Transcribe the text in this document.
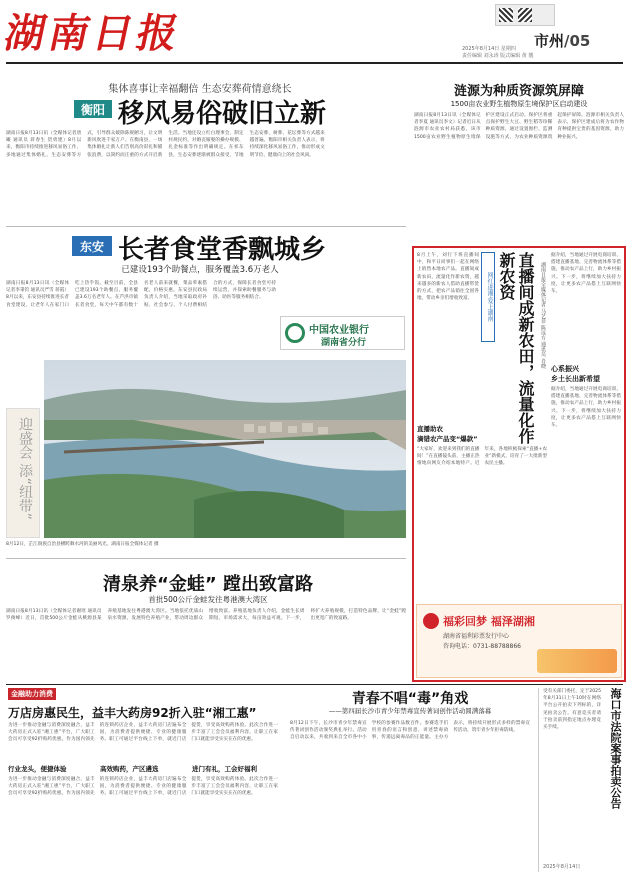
湖南日报	2025年8月14日 星期四
责任编辑 刘永涛 版式编辑 黄 靓
市州/05
集体喜事让幸福翻倍 生态安葬荷情意绕长
衡阳 移风易俗破旧立新
湖南日报8月13日讯（全媒体记者唐曦 通讯员 蒋春生 贺勇建）8月以来，衡阳市持续推进移风易俗工作，多地通过集体婚礼、生态安葬等方式，引导群众破除陈规陋习，让文明新风吹进千家万户。在衡南县，一场集体婚礼让新人们告别高价彩礼和铺张浪费，以简约而庄重的方式开启新生活。当地还设立红白理事会，制定村规民约，对婚丧嫁娶的操办规模、礼金标准等作出明确规定。在祁东县，生态安葬逐渐被群众接受，节地生态安葬、树葬、花坛葬等方式越来越普遍。衡阳市相关负责人表示，将持续深化移风易俗工作，推动形成文明节俭、健康向上的社会风尚。
东安 长者食堂香飘城乡
已建设193个助餐点，服务覆盖3.6万老人
湖南日报8月13日讯（全媒体记者李秉钧 通讯员严雪 蒋霞）8月以来，东安县持续推进长者食堂建设，让老年人在家门口吃上热乎饭。截至目前，全县已建设193个助餐点，服务覆盖3.6万名老年人。在芦洪市镇长者食堂，每天中午都有数十名老人前来就餐，菜品荤素搭配，价格实惠。东安县民政局负责人介绍，当地采取政府补贴、社会参与、个人付费相结合的方式，保障长者食堂可持续运营，并探索助餐服务与助浴、助医等服务相结合。
中国农业银行
湖南省分行
迎盛会 添“纽带”
8月12日，芷江侗族自治县横跨舞水河的美丽风光。湖南日报全媒体记者 摄
清泉养“金蛙” 蹚出致富路
首批500公斤金蛙发往粤港澳大湾区
湖南日报8月13日讯（全媒体记者谢瑶 通讯员罗俊峰）近日，首批500公斤金蛙从桃源县某养殖基地发往粤港澳大湾区。当地依托优质山泉水资源，发展特色养殖产业，带动周边群众增收致富。养殖基地负责人介绍，金蛙生长周期短、市场需求大，每亩效益可观。下一步，将扩大养殖规模，打造特色品牌，让“金蛙”蹚出更宽广的致富路。
涟源为种质资源筑屏障
1500亩农业野生植物原生境保护区启动建设
湖南日报8月13日讯（全媒体记者李夏 通讯员李文）记者近日从涟源市农业农村局获悉，该市1500亩农业野生植物原生境保护区建设正式启动。保护区将重点保护野生大豆、野生稻等珍稀种质资源，通过设置围栏、监测设施等方式，为农业种质资源筑起保护屏障。涟源市相关负责人表示，保护区建成后将为农作物育种提供宝贵的基因资源，助力种业振兴。
8月上午，刘行下班直播间中，和平日同事们一起在网络上销售本地农产品。直播间成新农田，流量化作新农资，越来越多的新农人借助直播带货的方式，把农产品销往全国各地，带动乡亲们增收致富。	网红进湘·爱上湖南	直播间成新农田，流量化作新农资	湖南日报全媒体记者 马艺菲 陈远方 通讯员 肖晓
据介绍，当地通过开展电商培训、搭建直播基地、完善物流体系等措施，推动农产品上行，助力乡村振兴。下一步，将继续加大扶持力度，让更多农产品搭上互联网快车。
心系振兴
乡土长出新希望
据介绍，当地通过开展电商培训、搭建直播基地、完善物流体系等措施，推动农产品上行，助力乡村振兴。下一步，将继续加大扶持力度，让更多农产品搭上互联网快车。
直播助农
滴错农产品变“爆款”
“大家好，欢迎来到我们的直播间！”在直播镜头前，主播正热情地向网友介绍本地特产。近年来，各地积极探索“直播+农业”新模式，培育了一大批新型农民主播。
福彩回梦 福泽湖湘
湖南省福利彩票发行中心
咨询电话：0731-88788866
金融助力消费
万店房惠民生，益丰大药房92折入驻“湘工惠”
为进一步推动金融与消费深度融合，益丰大药房正式入驻“湘工惠”平台，广大职工会员可享受92折购药优惠。作为国内领先的连锁药店企业，益丰大药房门店遍布全国，为消费者提供便捷、专业的健康服务。职工可通过平台线上下单，就近门店提货，享受高效购药体验。此次合作进一步丰富了工会会员福利内容，让职工在家门口就能享受实实在在的优惠。
行业龙头，便捷体验	高效购药，产区遴选	进门有礼，工会好福利
为进一步推动金融与消费深度融合，益丰大药房正式入驻“湘工惠”平台，广大职工会员可享受92折购药优惠。作为国内领先的连锁药店企业，益丰大药房门店遍布全国，为消费者提供便捷、专业的健康服务。职工可通过平台线上下单，就近门店提货，享受高效购药体验。此次合作进一步丰富了工会会员福利内容，让职工在家门口就能享受实实在在的优惠。
青春不唱“毒”角戏
——第四届长沙市青少年禁毒宣传著词创作活动圆满落幕
8月12日下午，长沙市青少年禁毒宣传著词创作活动颁奖典礼举行。活动自启动以来，共收到来自全市各中小学校的参赛作品数百件。参赛选手们用青春的语言和创意，讲述禁毒故事，传递远离毒品的正能量。主办方表示，将持续开展形式多样的禁毒宣传活动，筑牢青少年拒毒防线。
受有关部门委托，定于2025年8月31日上午10时在网络平台公开拍卖下列标的，详见拍卖公告。有意竞买者请于拍卖前到指定地点办理竞买手续。	海口市法院案事拍卖公告
2025年8月14日
